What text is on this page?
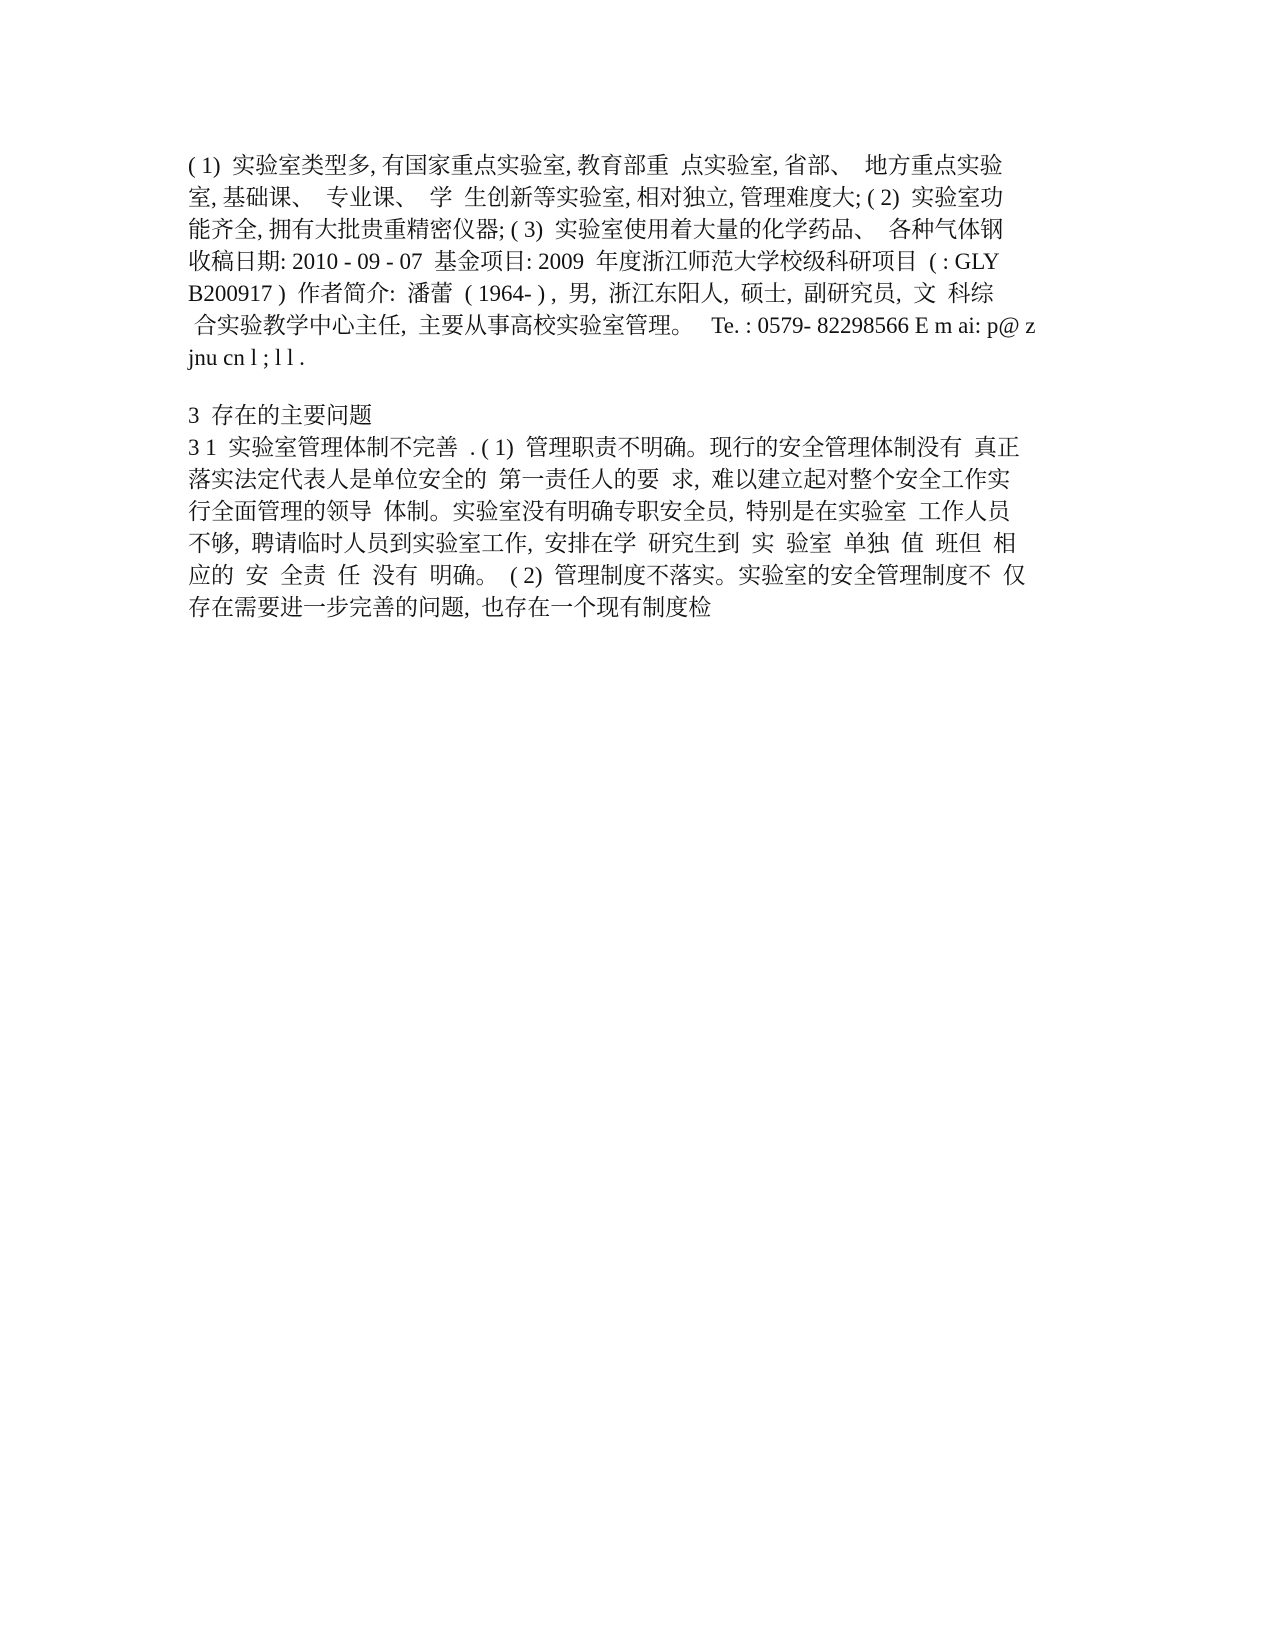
( 1)  实验室类型多, 有国家重点实验室, 教育部重  点实验室, 省部、  地方重点实验
室, 基础课、  专业课、  学  生创新等实验室, 相对独立, 管理难度大; ( 2)  实验室功
能齐全, 拥有大批贵重精密仪器; ( 3)  实验室使用着大量的化学药品、  各种气体钢
收稿日期: 2010 - 09 - 07  基金项目: 2009  年度浙江师范大学校级科研项目  ( : GLY
B200917 )  作者简介:  潘蕾  ( 1964- ) ,  男,  浙江东阳人,  硕士,  副研究员,  文  科综
合实验教学中心主任,  主要从事高校实验室管理。   Te. : 0579- 82298566 E m ai: p@ z
jnu cn l ; l l .
3  存在的主要问题
3 1  实验室管理体制不完善  . ( 1)  管理职责不明确。现行的安全管理体制没有  真正
落实法定代表人是单位安全的  第一责任人的要  求,  难以建立起对整个安全工作实
行全面管理的领导  体制。实验室没有明确专职安全员,  特别是在实验室  工作人员
不够,  聘请临时人员到实验室工作,  安排在学  研究生到  实  验室  单独  值  班但  相
应的  安  全责  任  没有  明确。  ( 2)  管理制度不落实。实验室的安全管理制度不  仅
存在需要进一步完善的问题,  也存在一个现有制度检
